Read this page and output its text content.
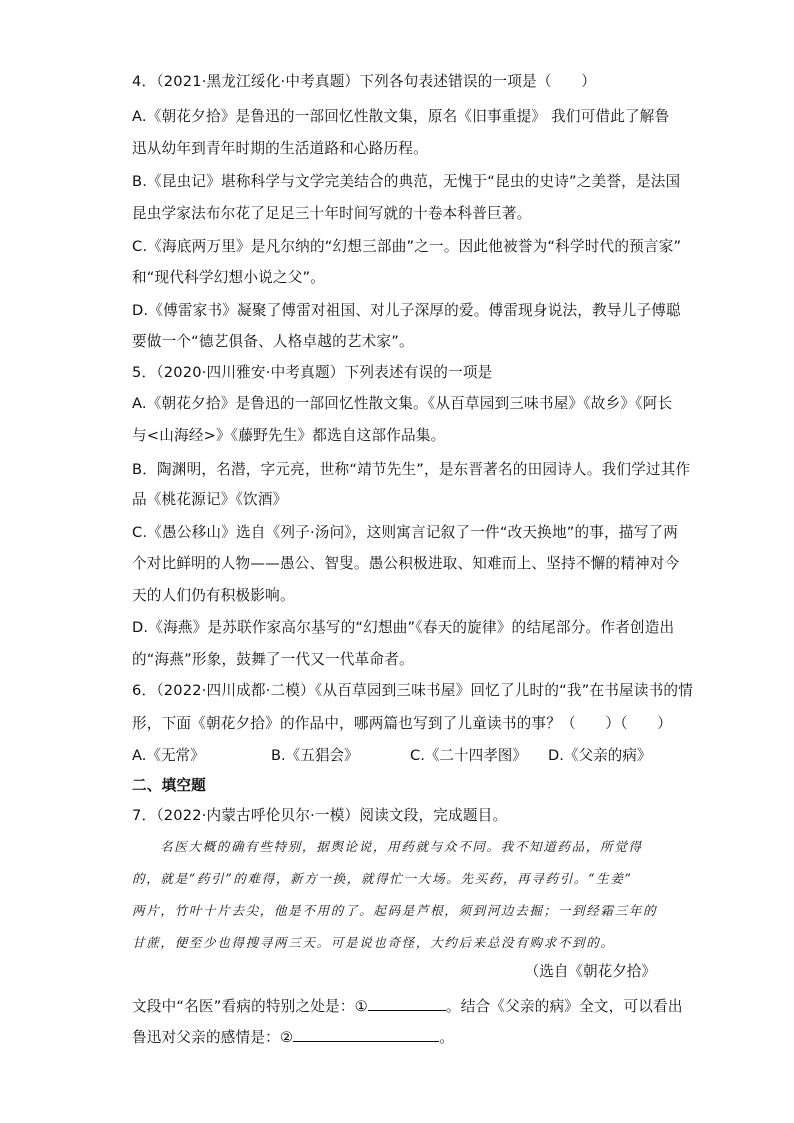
4．（2021·黑龙江绥化·中考真题）下列各句表述错误的一项是（　　）
A.《朝花夕拾》是鲁迅的一部回忆性散文集，原名《旧事重提》 我们可借此了解鲁
迅从幼年到青年时期的生活道路和心路历程。
B.《昆虫记》堪称科学与文学完美结合的典范，无愧于“昆虫的史诗”之美誉，是法国
昆虫学家法布尔花了足足三十年时间写就的十卷本科普巨著。
C.《海底两万里》是凡尔纳的“幻想三部曲”之一。因此他被誉为“科学时代的预言家”
和“现代科学幻想小说之父”。
D.《傅雷家书》凝聚了傅雷对祖国、对儿子深厚的爱。傅雷现身说法，教导儿子傅聪
要做一个“德艺俱备、人格卓越的艺术家”。
5．（2020·四川雅安·中考真题）下列表述有误的一项是
A.《朝花夕拾》是鲁迅的一部回忆性散文集。《从百草园到三味书屋》《故乡》《阿长
与<山海经>》《藤野先生》都选自这部作品集。
B．陶渊明，名潜，字元亮，世称“靖节先生”，是东晋著名的田园诗人。我们学过其作
品《桃花源记》《饮酒》
C.《愚公移山》选自《列子·汤问》，这则寓言记叙了一件“改天换地”的事，描写了两
个对比鲜明的人物——愚公、智叟。愚公积极进取、知难而上、坚持不懈的精神对今
天的人们仍有积极影响。
D.《海燕》是苏联作家高尔基写的“幻想曲”《春天的旋律》的结尾部分。作者创造出
的“海燕”形象，鼓舞了一代又一代革命者。
6．（2022·四川成都·二模）《从百草园到三味书屋》回忆了儿时的“我”在书屋读书的情
形，下面《朝花夕拾》的作品中，哪两篇也写到了儿童读书的事？（　　）（　　）
A.《无常》	B.《五猖会》	C.《二十四孝图》 D.《父亲的病》
二、填空题
7．（2022·内蒙古呼伦贝尔·一模）阅读文段，完成题目。
名医大概的确有些特别，据舆论说，用药就与众不同。我不知道药品，所觉得
的，就是“药引”的难得，新方一换，就得忙一大场。先买药，再寻药引。“生姜”
两片，竹叶十片去尖，他是不用的了。起码是芦根，须到河边去掘；一到经霜三年的
甘蔗，便至少也得搜寻两三天。可是说也奇怪，大约后来总没有购求不到的。
（选自《朝花夕拾》
文段中“名医”看病的特别之处是：①	。结合《父亲的病》全文，可以看出
鲁迅对父亲的感情是：②	。
